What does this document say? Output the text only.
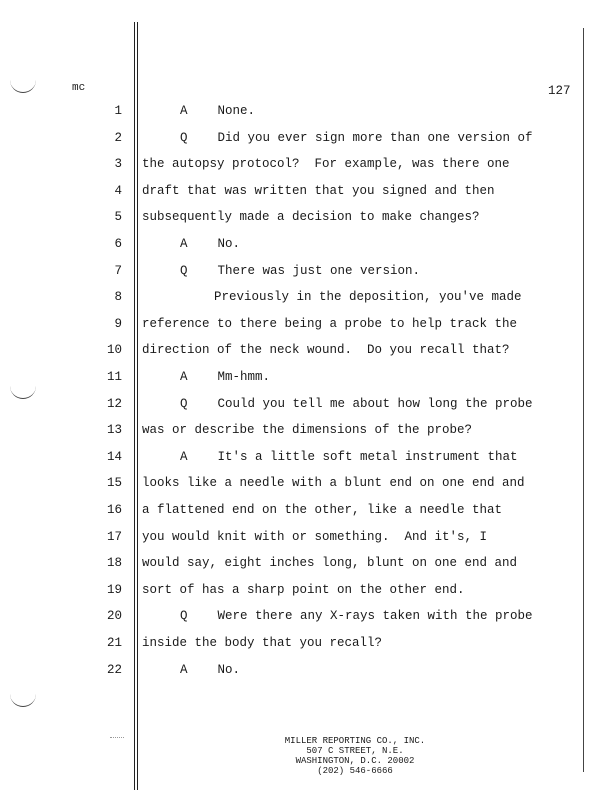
mc	127
1	A    None.
2	Q    Did you ever sign more than one version of
3 the autopsy protocol?  For example, was there one
4 draft that was written that you signed and then
5 subsequently made a decision to make changes?
6	A    No.
7	Q    There was just one version.
8	Previously in the deposition, you've made
9 reference to there being a probe to help track the
10 direction of the neck wound.  Do you recall that?
11	A    Mm-hmm.
12	Q    Could you tell me about how long the probe
13 was or describe the dimensions of the probe?
14	A    It's a little soft metal instrument that
15 looks like a needle with a blunt end on one end and
16 a flattened end on the other, like a needle that
17 you would knit with or something.  And it's, I
18 would say, eight inches long, blunt on one end and
19 sort of has a sharp point on the other end.
20	Q    Were there any X-rays taken with the probe
21 inside the body that you recall?
22	A    No.
MILLER REPORTING CO., INC.
507 C STREET, N.E.
WASHINGTON, D.C. 20002
(202) 546-6666
